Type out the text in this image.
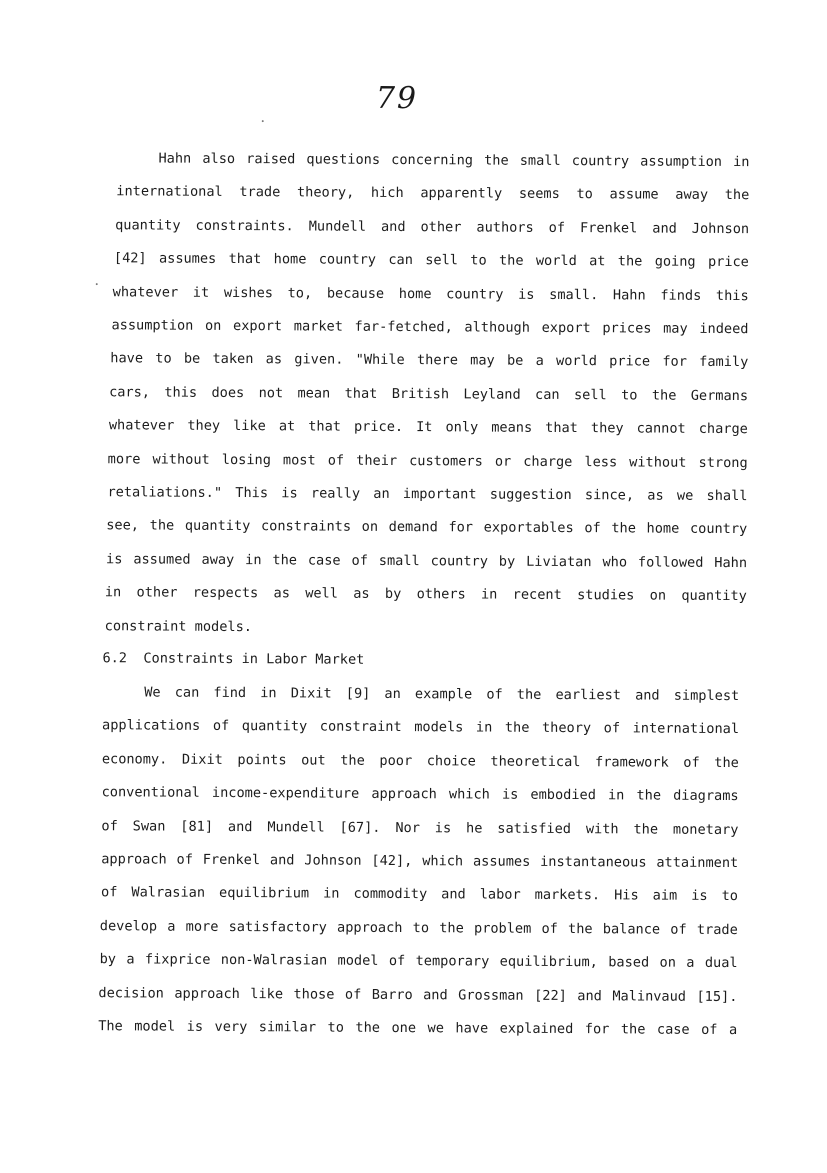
79
Hahn also raised questions concerning the small country assumption in
international trade theory, hich apparently seems to assume away the
quantity constraints. Mundell and other authors of Frenkel and Johnson
[42] assumes that home country can sell to the world at the going price
whatever it wishes to, because home country is small. Hahn finds this
assumption on export market far-fetched, although export prices may indeed
have to be taken as given. "While there may be a world price for family
cars, this does not mean that British Leyland can sell to the Germans
whatever they like at that price. It only means that they cannot charge
more without losing most of their customers or charge less without strong
retaliations." This is really an important suggestion since, as we shall
see, the quantity constraints on demand for exportables of the home country
is assumed away in the case of small country by Liviatan who followed Hahn
in other respects as well as by others in recent studies on quantity
constraint models.
6.2  Constraints in Labor Market
We can find in Dixit [9] an example of the earliest and simplest
applications of quantity constraint models in the theory of international
economy. Dixit points out the poor choice theoretical framework of the
conventional income-expenditure approach which is embodied in the diagrams
of Swan [81] and Mundell [67]. Nor is he satisfied with the monetary
approach of Frenkel and Johnson [42], which assumes instantaneous attainment
of Walrasian equilibrium in commodity and labor markets. His aim is to
develop a more satisfactory approach to the problem of the balance of trade
by a fixprice non-Walrasian model of temporary equilibrium, based on a dual
decision approach like those of Barro and Grossman [22] and Malinvaud [15].
The model is very similar to the one we have explained for the case of a
